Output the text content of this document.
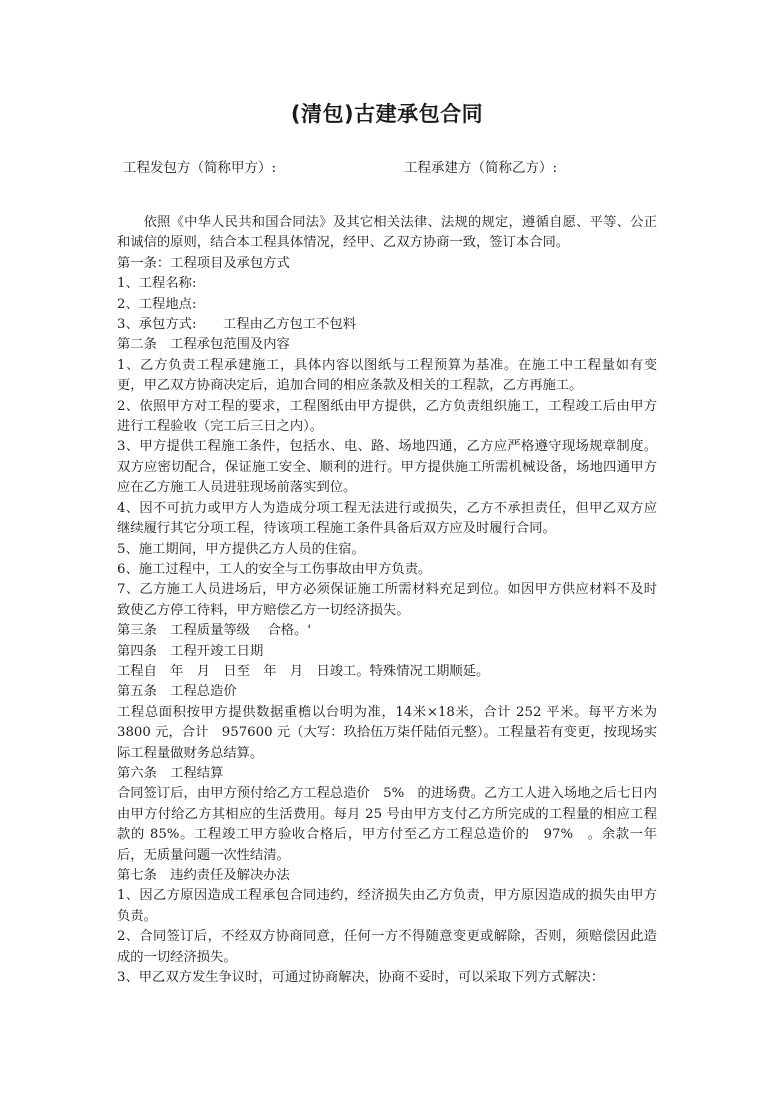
(清包)古建承包合同
工程发包方（简称甲方）:	工程承建方（简称乙方）:

依照《中华人民共和国合同法》及其它相关法律、法规的规定，遵循自愿、平等、公正和诚信的原则，结合本工程具体情况，经甲、乙双方协商一致，签订本合同。

第一条：工程项目及承包方式

1、工程名称:

2、工程地点:

3、承包方式:　　工程由乙方包工不包料

第二条　工程承包范围及内容

1、乙方负责工程承建施工，具体内容以图纸与工程预算为基准。在施工中工程量如有变更，甲乙双方协商决定后，追加合同的相应条款及相关的工程款，乙方再施工。

2、依照甲方对工程的要求，工程图纸由甲方提供，乙方负责组织施工，工程竣工后由甲方进行工程验收（完工后三日之内）。

3、甲方提供工程施工条件，包括水、电、路、场地四通，乙方应严格遵守现场规章制度。双方应密切配合，保证施工安全、顺利的进行。甲方提供施工所需机械设备，场地四通甲方应在乙方施工人员进驻现场前落实到位。

4、因不可抗力或甲方人为造成分项工程无法进行或损失，乙方不承担责任，但甲乙双方应继续履行其它分项工程，待该项工程施工条件具备后双方应及时履行合同。

5、施工期间，甲方提供乙方人员的住宿。

6、施工过程中，工人的安全与工伤事故由甲方负责。

7、乙方施工人员进场后，甲方必须保证施工所需材料充足到位。如因甲方供应材料不及时致使乙方停工待料，甲方赔偿乙方一切经济损失。

第三条　工程质量等级　 合格。'

第四条　工程开竣工日期

工程自　年　月　日至　年　月　日竣工。特殊情况工期顺延。

第五条　工程总造价

工程总面积按甲方提供数据重檐以台明为准，14米×18米，合计 252 平米。每平方米为 3800 元，合计　957600 元（大写：玖拾伍万柒仟陆佰元整）。工程量若有变更，按现场实际工程量做财务总结算。

第六条　工程结算

合同签订后，由甲方预付给乙方工程总造价　5%　的进场费。乙方工人进入场地之后七日内由甲方付给乙方其相应的生活费用。每月 25 号由甲方支付乙方所完成的工程量的相应工程款的 85%。工程竣工甲方验收合格后，甲方付至乙方工程总造价的　97%　。余款一年后，无质量问题一次性结清。

第七条　违约责任及解决办法

1、因乙方原因造成工程承包合同违约，经济损失由乙方负责，甲方原因造成的损失由甲方负责。

2、合同签订后，不经双方协商同意，任何一方不得随意变更或解除，否则，须赔偿因此造成的一切经济损失。

3、甲乙双方发生争议时，可通过协商解决，协商不妥时，可以采取下列方式解决：
